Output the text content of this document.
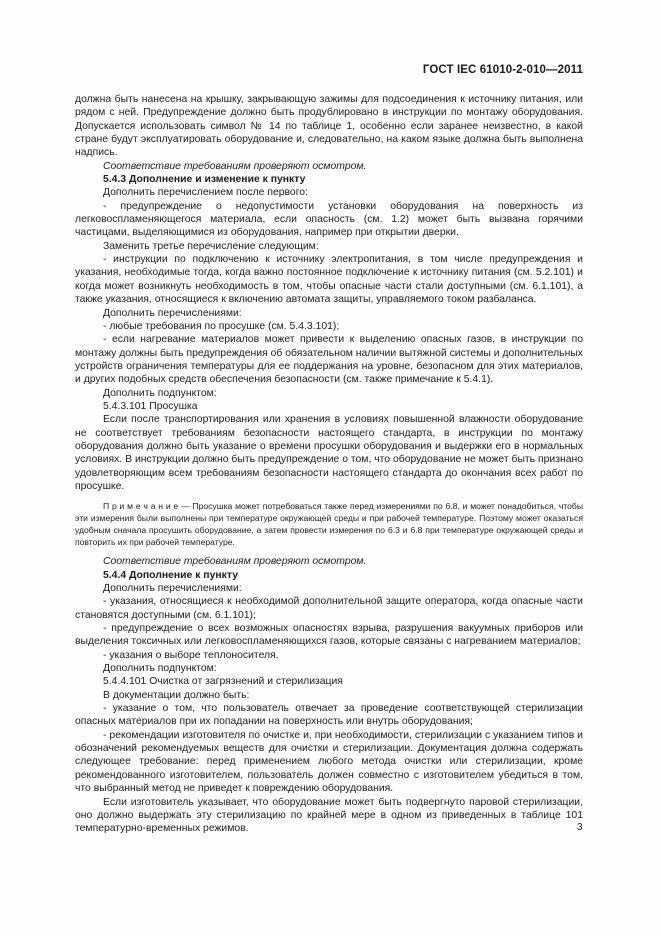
ГОСТ IEC 61010-2-010—2011

должна быть нанесена на крышку, закрывающую зажимы для подсоединения к источнику питания, или рядом с ней. Предупреждение должно быть продублировано в инструкции по монтажу оборудования. Допускается использовать символ № 14 по таблице 1, особенно если заранее неизвестно, в какой стране будут эксплуатировать оборудование и, следовательно, на каком языке должна быть выполнена надпись.

Соответствие требованиям проверяют осмотром.

5.4.3 Дополнение и изменение к пункту

Дополнить перечислением после первого:

- предупреждение о недопустимости установки оборудования на поверхность из легковоспламеняющегося материала, если опасность (см. 1.2) может быть вызвана горячими частицами, выделяющимися из оборудования, например при открытии дверки.

Заменить третье перечисление следующим:

- инструкции по подключению к источнику электропитания, в том числе предупреждения и указания, необходимые тогда, когда важно постоянное подключение к источнику питания (см. 5.2.101) и когда может возникнуть необходимость в том, чтобы опасные части стали доступными (см. 6.1.101), а также указания, относящиеся к включению автомата защиты, управляемого током разбаланса.

Дополнить перечислениями:

- любые требования по просушке (см. 5.4.3.101);

- если нагревание материалов может привести к выделению опасных газов, в инструкции по монтажу должны быть предупреждения об обязательном наличии вытяжной системы и дополнительных устройств ограничения температуры для ее поддержания на уровне, безопасном для этих материалов, и других подобных средств обеспечения безопасности (см. также примечание к 5.4.1).

Дополнить подпунктом:

5.4.3.101 Просушка

Если после транспортирования или хранения в условиях повышенной влажности оборудование не соответствует требованиям безопасности настоящего стандарта, в инструкции по монтажу оборудования должно быть указание о времени просушки оборудования и выдержки его в нормальных условиях. В инструкции должно быть предупреждение о том, что оборудование не может быть признано удовлетворяющим всем требованиям безопасности настоящего стандарта до окончания всех работ по просушке.

П р и м е ч а н и е — Просушка может потребоваться также перед измерениями по 6.8, и может понадобиться, чтобы эти измерения были выполнены при температуре окружающей среды и при рабочей температуре. Поэтому может оказаться удобным сначала просушить оборудование, а затем провести измерения по 6.3 и 6.8 при температуре окружающей среды и повторить их при рабочей температуре.

Соответствие требованиям проверяют осмотром.

5.4.4 Дополнение к пункту

Дополнить перечислениями:

- указания, относящиеся к необходимой дополнительной защите оператора, когда опасные части становятся доступными (см. 6.1.101);

- предупреждение о всех возможных опасностях взрыва, разрушения вакуумных приборов или выделения токсичных или легковоспламеняющихся газов, которые связаны с нагреванием материалов;

- указания о выборе теплоносителя.

Дополнить подпунктом:

5.4.4.101 Очистка от загрязнений и стерилизация

В документации должно быть:

- указание о том, что пользователь отвечает за проведение соответствующей стерилизации опасных материалов при их попадании на поверхность или внутрь оборудования;

- рекомендации изготовителя по очистке и, при необходимости, стерилизации с указанием типов и обозначений рекомендуемых веществ для очистки и стерилизации. Документация должна содержать следующее требование: перед применением любого метода очистки или стерилизации, кроме рекомендованного изготовителем, пользователь должен совместно с изготовителем убедиться в том, что выбранный метод не приведет к повреждению оборудования.

Если изготовитель указывает, что оборудование может быть подвергнуто паровой стерилизации, оно должно выдержать эту стерилизацию по крайней мере в одном из приведенных в таблице 101 температурно-временных режимов.	3
